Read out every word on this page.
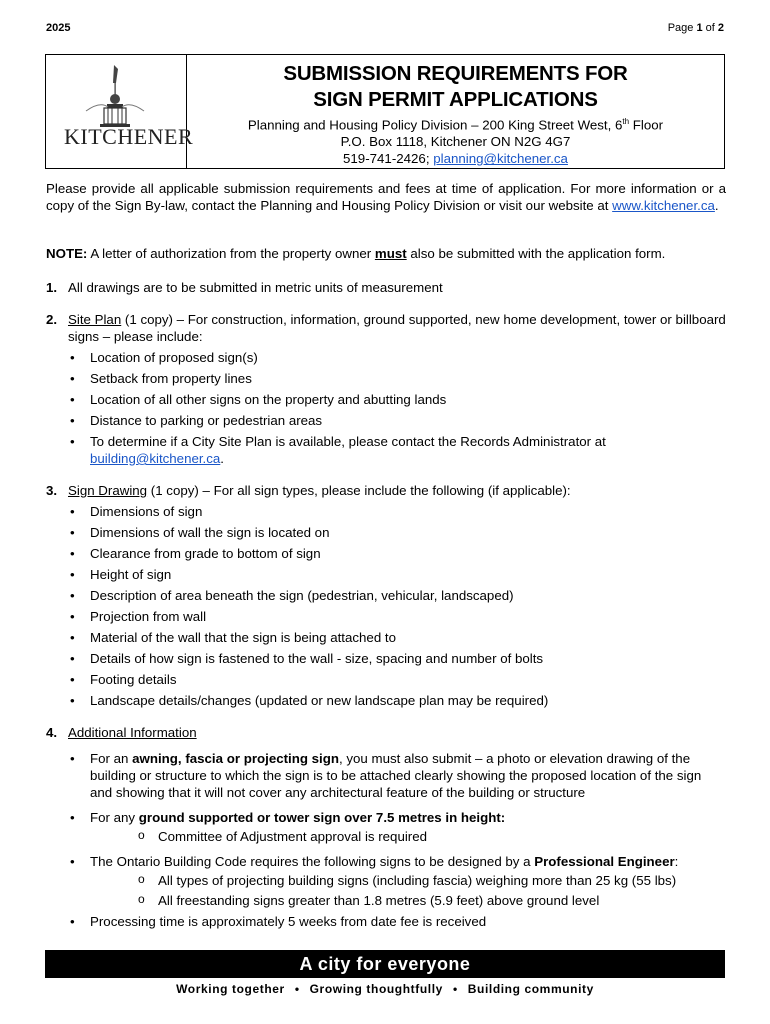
2025	Page 1 of 2
KITCHENER
SUBMISSION REQUIREMENTS FOR
SIGN PERMIT APPLICATIONS
Planning and Housing Policy Division – 200 King Street West, 6th Floor
P.O. Box 1118, Kitchener ON N2G 4G7
519-741-2426; planning@kitchener.ca
Please provide all applicable submission requirements and fees at time of application. For more information or a copy of the Sign By-law, contact the Planning and Housing Policy Division or visit our website at www.kitchener.ca.
NOTE: A letter of authorization from the property owner must also be submitted with the application form.
1. All drawings are to be submitted in metric units of measurement
2. Site Plan (1 copy) – For construction, information, ground supported, new home development, tower or billboard signs – please include:
• Location of proposed sign(s)
• Setback from property lines
• Location of all other signs on the property and abutting lands
• Distance to parking or pedestrian areas
• To determine if a City Site Plan is available, please contact the Records Administrator at building@kitchener.ca.
3. Sign Drawing (1 copy) – For all sign types, please include the following (if applicable):
• Dimensions of sign
• Dimensions of wall the sign is located on
• Clearance from grade to bottom of sign
• Height of sign
• Description of area beneath the sign (pedestrian, vehicular, landscaped)
• Projection from wall
• Material of the wall that the sign is being attached to
• Details of how sign is fastened to the wall - size, spacing and number of bolts
• Footing details
• Landscape details/changes (updated or new landscape plan may be required)
4. Additional Information
• For an awning, fascia or projecting sign, you must also submit – a photo or elevation drawing of the building or structure to which the sign is to be attached clearly showing the proposed location of the sign and showing that it will not cover any architectural feature of the building or structure
• For any ground supported or tower sign over 7.5 metres in height:
o Committee of Adjustment approval is required
• The Ontario Building Code requires the following signs to be designed by a Professional Engineer:
o All types of projecting building signs (including fascia) weighing more than 25 kg (55 lbs)
o All freestanding signs greater than 1.8 metres (5.9 feet) above ground level
• Processing time is approximately 5 weeks from date fee is received
A city for everyone
Working together • Growing thoughtfully • Building community
